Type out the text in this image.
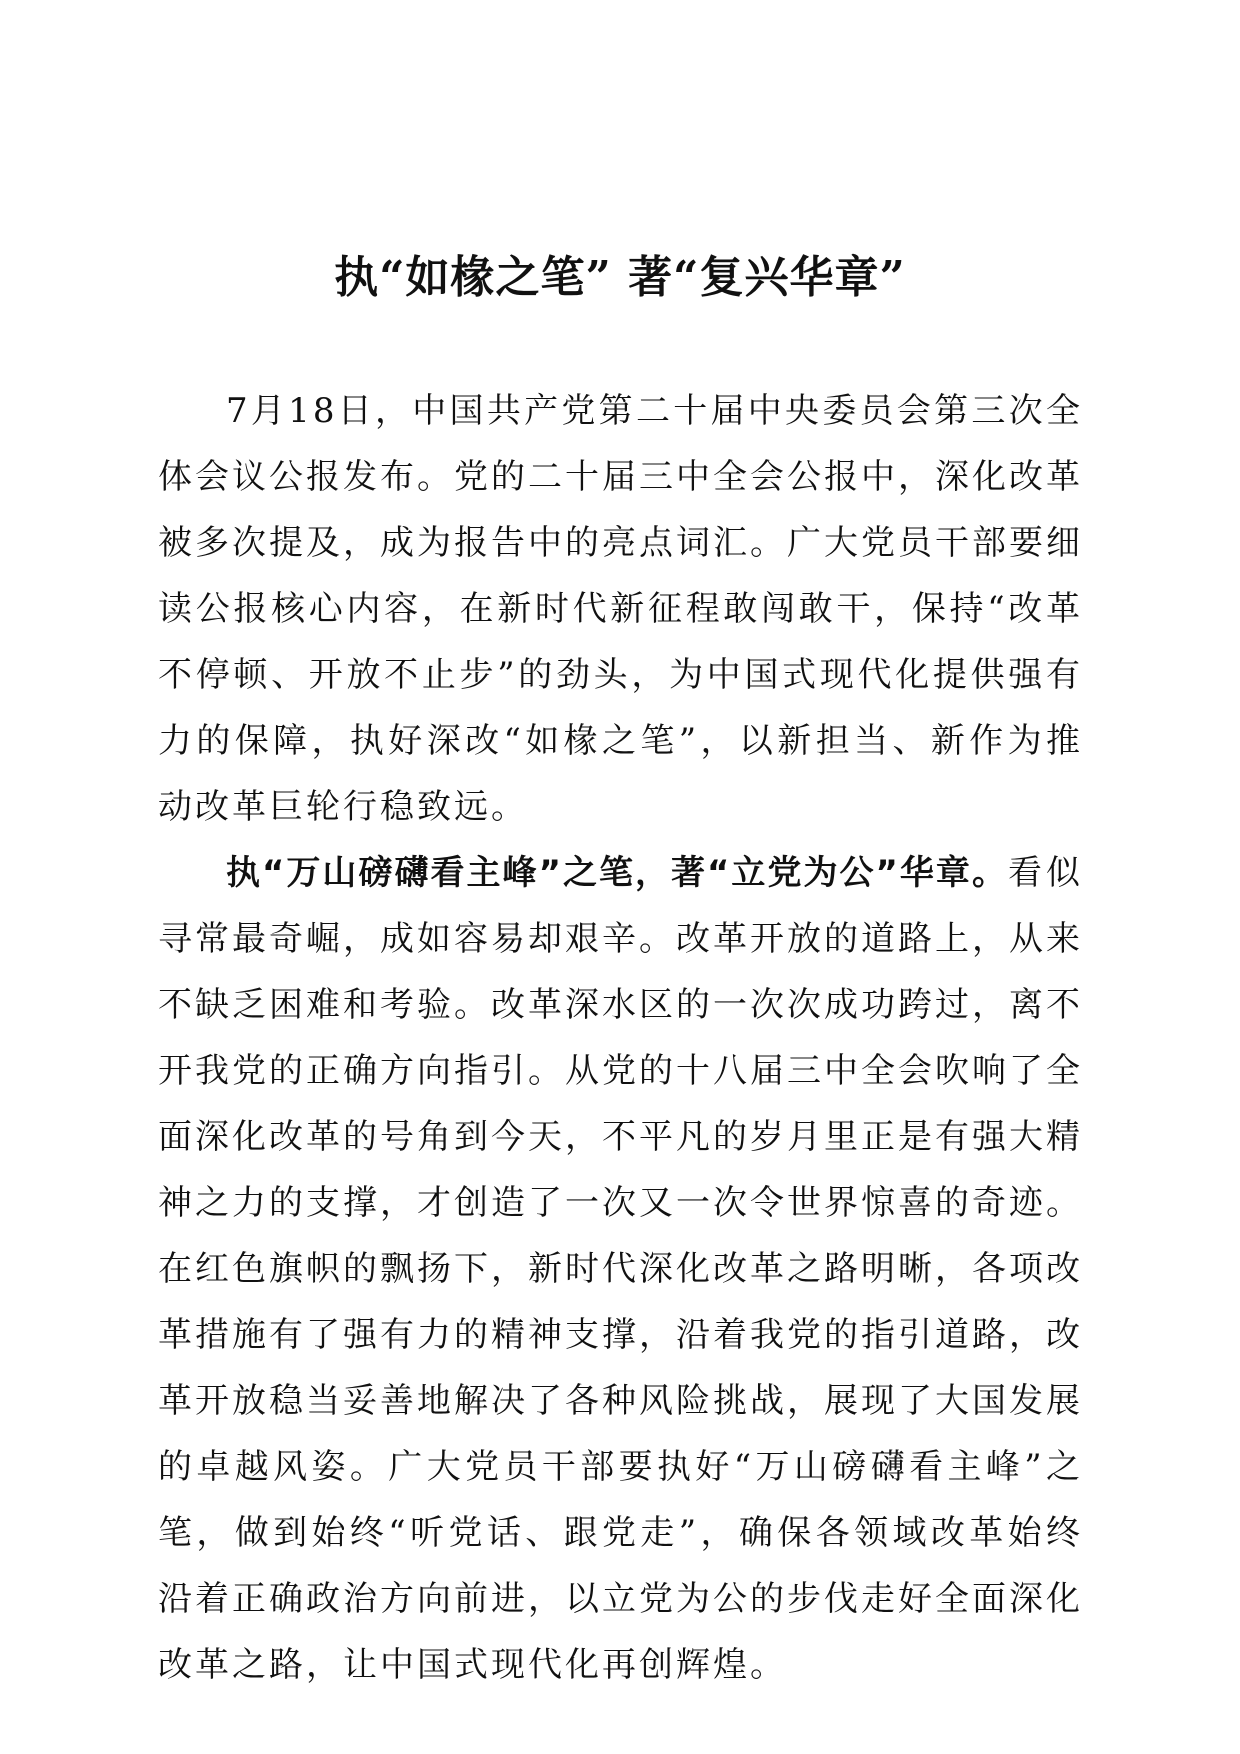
执“如椽之笔” 著“复兴华章”

7月18日，中国共产党第二十届中央委员会第三次全体会议公报发布。党的二十届三中全会公报中，深化改革被多次提及，成为报告中的亮点词汇。广大党员干部要细读公报核心内容，在新时代新征程敢闯敢干，保持“改革不停顿、开放不止步”的劲头，为中国式现代化提供强有力的保障，执好深改“如椽之笔”，以新担当、新作为推动改革巨轮行稳致远。

执“万山磅礴看主峰”之笔，著“立党为公”华章。看似寻常最奇崛，成如容易却艰辛。改革开放的道路上，从来不缺乏困难和考验。改革深水区的一次次成功跨过，离不开我党的正确方向指引。从党的十八届三中全会吹响了全面深化改革的号角到今天，不平凡的岁月里正是有强大精神之力的支撑，才创造了一次又一次令世界惊喜的奇迹。在红色旗帜的飘扬下，新时代深化改革之路明晰，各项改革措施有了强有力的精神支撑，沿着我党的指引道路，改革开放稳当妥善地解决了各种风险挑战，展现了大国发展的卓越风姿。广大党员干部要执好“万山磅礴看主峰”之笔，做到始终“听党话、跟党走”，确保各领域改革始终沿着正确政治方向前进，以立党为公的步伐走好全面深化改革之路，让中国式现代化再创辉煌。
